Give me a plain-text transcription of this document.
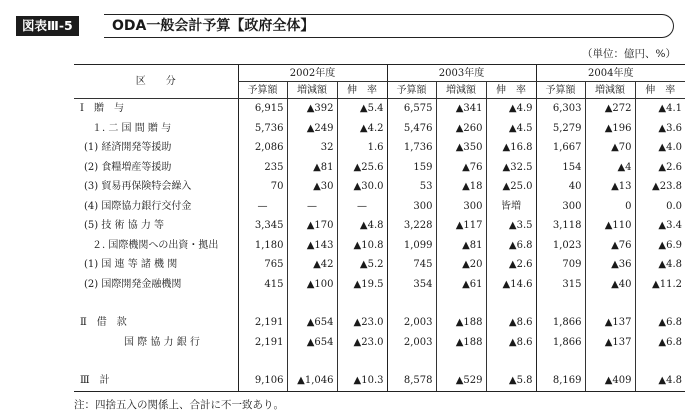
図表Ⅲ-5	ODA一般会計予算【政府全体】
（単位：億円、%）
区　　分	2002年度			2003年度			2004年度		
	予算額	増減額	伸　率	予算額	増減額	伸　率	予算額	増減額	伸　率
Ⅰ　贈　与	6,915	▲392	▲5.4	6,575	▲341	▲4.9	6,303	▲272	▲4.1
１. 二 国 間 贈 与	5,736	▲249	▲4.2	5,476	▲260	▲4.5	5,279	▲196	▲3.6
(1) 経済開発等援助	2,086	32	1.6	1,736	▲350	▲16.8	1,667	▲70	▲4.0
(2) 食糧増産等援助	235	▲81	▲25.6	159	▲76	▲32.5	154	▲4	▲2.6
(3) 貿易再保険特会繰入	70	▲30	▲30.0	53	▲18	▲25.0	40	▲13	▲23.8
(4) 国際協力銀行交付金	—	—	—	300	300	皆増	300	0	0.0
(5) 技 術 協 力 等	3,345	▲170	▲4.8	3,228	▲117	▲3.5	3,118	▲110	▲3.4
２. 国際機関への出資・拠出	1,180	▲143	▲10.8	1,099	▲81	▲6.8	1,023	▲76	▲6.9
(1) 国 連 等 諸 機 関	765	▲42	▲5.2	745	▲20	▲2.6	709	▲36	▲4.8
(2) 国際開発金融機関	415	▲100	▲19.5	354	▲61	▲14.6	315	▲40	▲11.2

Ⅱ　借　款	2,191	▲654	▲23.0	2,003	▲188	▲8.6	1,866	▲137	▲6.8
国 際 協 力 銀 行	2,191	▲654	▲23.0	2,003	▲188	▲8.6	1,866	▲137	▲6.8

Ⅲ　計	9,106	▲1,046	▲10.3	8,578	▲529	▲5.8	8,169	▲409	▲4.8
注：四捨五入の関係上、合計に不一致あり。
